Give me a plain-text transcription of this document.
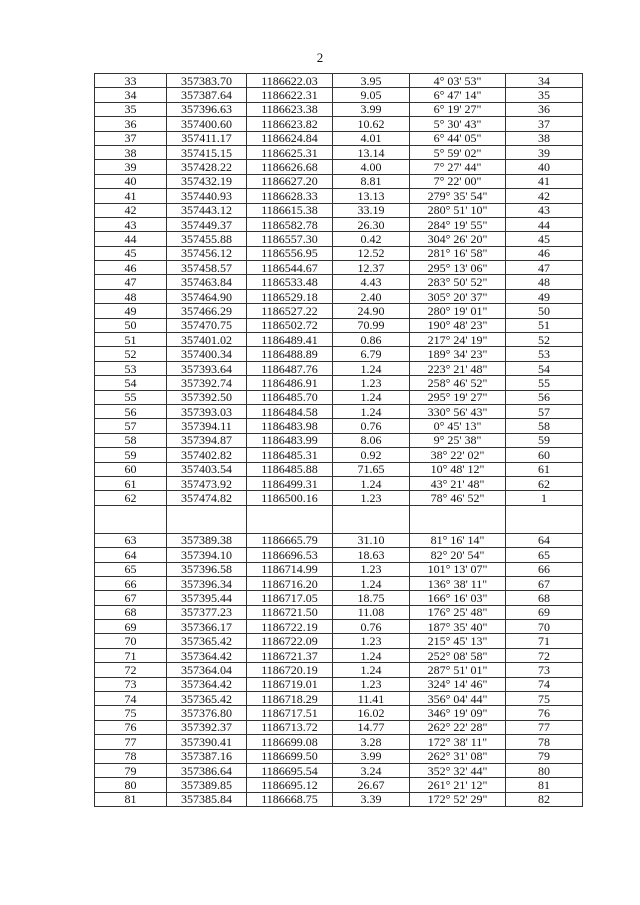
2
33	357383.70	1186622.03	3.95	4° 03' 53"	34
34	357387.64	1186622.31	9.05	6° 47' 14"	35
35	357396.63	1186623.38	3.99	6° 19' 27"	36
36	357400.60	1186623.82	10.62	5° 30' 43"	37
37	357411.17	1186624.84	4.01	6° 44' 05"	38
38	357415.15	1186625.31	13.14	5° 59' 02"	39
39	357428.22	1186626.68	4.00	7° 27' 44"	40
40	357432.19	1186627.20	8.81	7° 22' 00"	41
41	357440.93	1186628.33	13.13	279° 35' 54"	42
42	357443.12	1186615.38	33.19	280° 51' 10"	43
43	357449.37	1186582.78	26.30	284° 19' 55"	44
44	357455.88	1186557.30	0.42	304° 26' 20"	45
45	357456.12	1186556.95	12.52	281° 16' 58"	46
46	357458.57	1186544.67	12.37	295° 13' 06"	47
47	357463.84	1186533.48	4.43	283° 50' 52"	48
48	357464.90	1186529.18	2.40	305° 20' 37"	49
49	357466.29	1186527.22	24.90	280° 19' 01"	50
50	357470.75	1186502.72	70.99	190° 48' 23"	51
51	357401.02	1186489.41	0.86	217° 24' 19"	52
52	357400.34	1186488.89	6.79	189° 34' 23"	53
53	357393.64	1186487.76	1.24	223° 21' 48"	54
54	357392.74	1186486.91	1.23	258° 46' 52"	55
55	357392.50	1186485.70	1.24	295° 19' 27"	56
56	357393.03	1186484.58	1.24	330° 56' 43"	57
57	357394.11	1186483.98	0.76	0° 45' 13"	58
58	357394.87	1186483.99	8.06	9° 25' 38"	59
59	357402.82	1186485.31	0.92	38° 22' 02"	60
60	357403.54	1186485.88	71.65	10° 48' 12"	61
61	357473.92	1186499.31	1.24	43° 21' 48"	62
62	357474.82	1186500.16	1.23	78° 46' 52"	1

63	357389.38	1186665.79	31.10	81° 16' 14"	64
64	357394.10	1186696.53	18.63	82° 20' 54"	65
65	357396.58	1186714.99	1.23	101° 13' 07"	66
66	357396.34	1186716.20	1.24	136° 38' 11"	67
67	357395.44	1186717.05	18.75	166° 16' 03"	68
68	357377.23	1186721.50	11.08	176° 25' 48"	69
69	357366.17	1186722.19	0.76	187° 35' 40"	70
70	357365.42	1186722.09	1.23	215° 45' 13"	71
71	357364.42	1186721.37	1.24	252° 08' 58"	72
72	357364.04	1186720.19	1.24	287° 51' 01"	73
73	357364.42	1186719.01	1.23	324° 14' 46"	74
74	357365.42	1186718.29	11.41	356° 04' 44"	75
75	357376.80	1186717.51	16.02	346° 19' 09"	76
76	357392.37	1186713.72	14.77	262° 22' 28"	77
77	357390.41	1186699.08	3.28	172° 38' 11"	78
78	357387.16	1186699.50	3.99	262° 31' 08"	79
79	357386.64	1186695.54	3.24	352° 32' 44"	80
80	357389.85	1186695.12	26.67	261° 21' 12"	81
81	357385.84	1186668.75	3.39	172° 52' 29"	82
